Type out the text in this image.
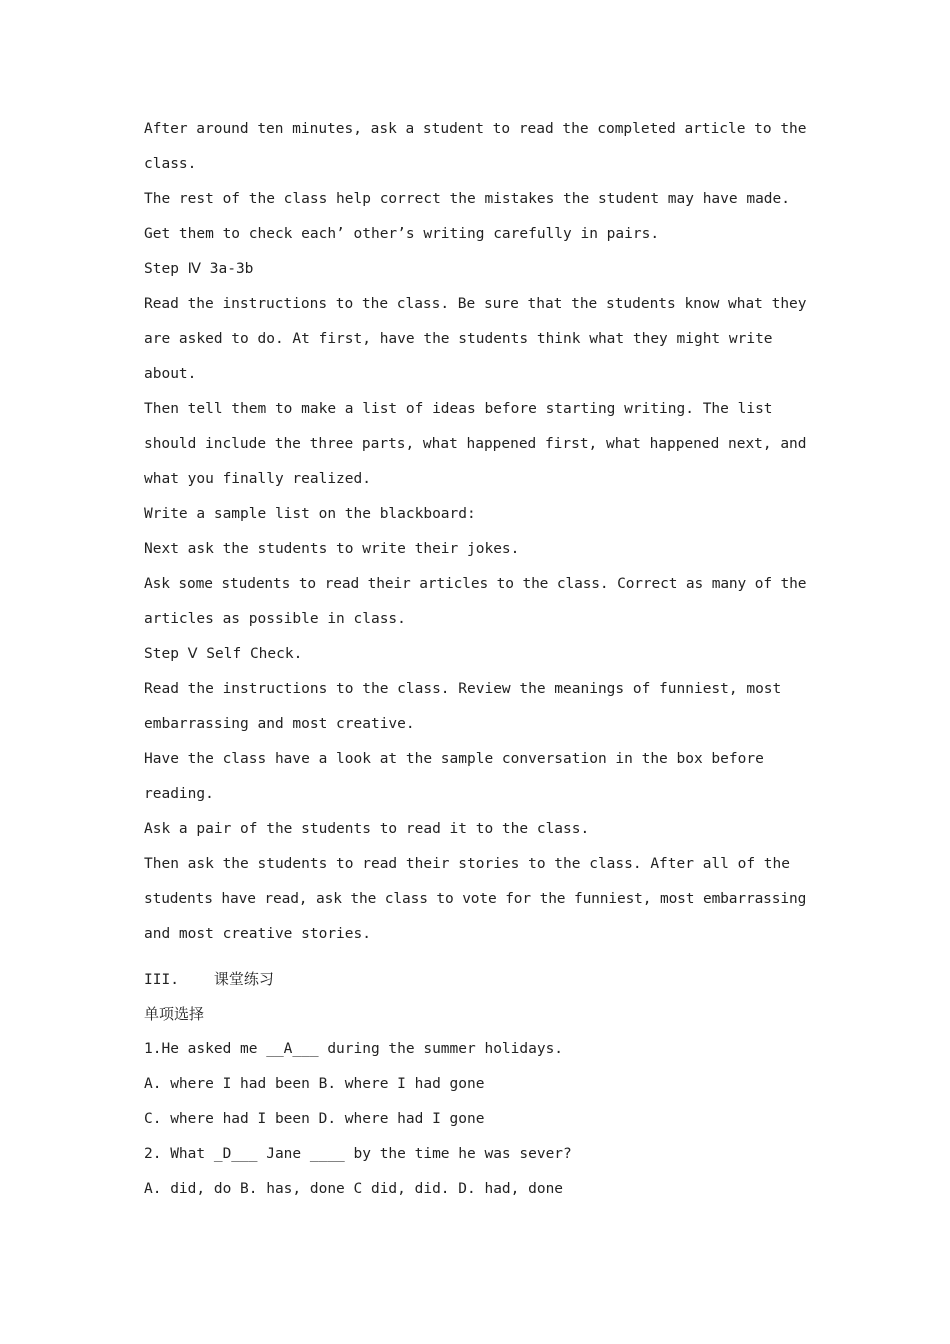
After around ten minutes, ask a student to read the completed article to the
class.
The rest of the class help correct the mistakes the student may have made.
Get them to check each’ other’s writing carefully in pairs.
Step Ⅳ 3a-3b
Read the instructions to the class. Be sure that the students know what they
are asked to do. At first, have the students think what they might write
about.
Then tell them to make a list of ideas before starting writing. The list
should include the three parts, what happened first, what happened next, and
what you finally realized.
Write a sample list on the blackboard:
Next ask the students to write their jokes.
Ask some students to read their articles to the class. Correct as many of the
articles as possible in class.
Step Ⅴ Self Check.
Read the instructions to the class. Review the meanings of funniest, most
embarrassing and most creative.
Have the class have a look at the sample conversation in the box before
reading.
Ask a pair of the students to read it to the class.
Then ask the students to read their stories to the class. After all of the
students have read, ask the class to vote for the funniest, most embarrassing
and most creative stories.
III. 课堂练习
单项选择
1.He asked me __A___ during the summer holidays.
A. where I had been B. where I had gone
C. where had I been D. where had I gone
2. What _D___ Jane ____ by the time he was sever?
A. did, do B. has, done C did, did. D. had, done
